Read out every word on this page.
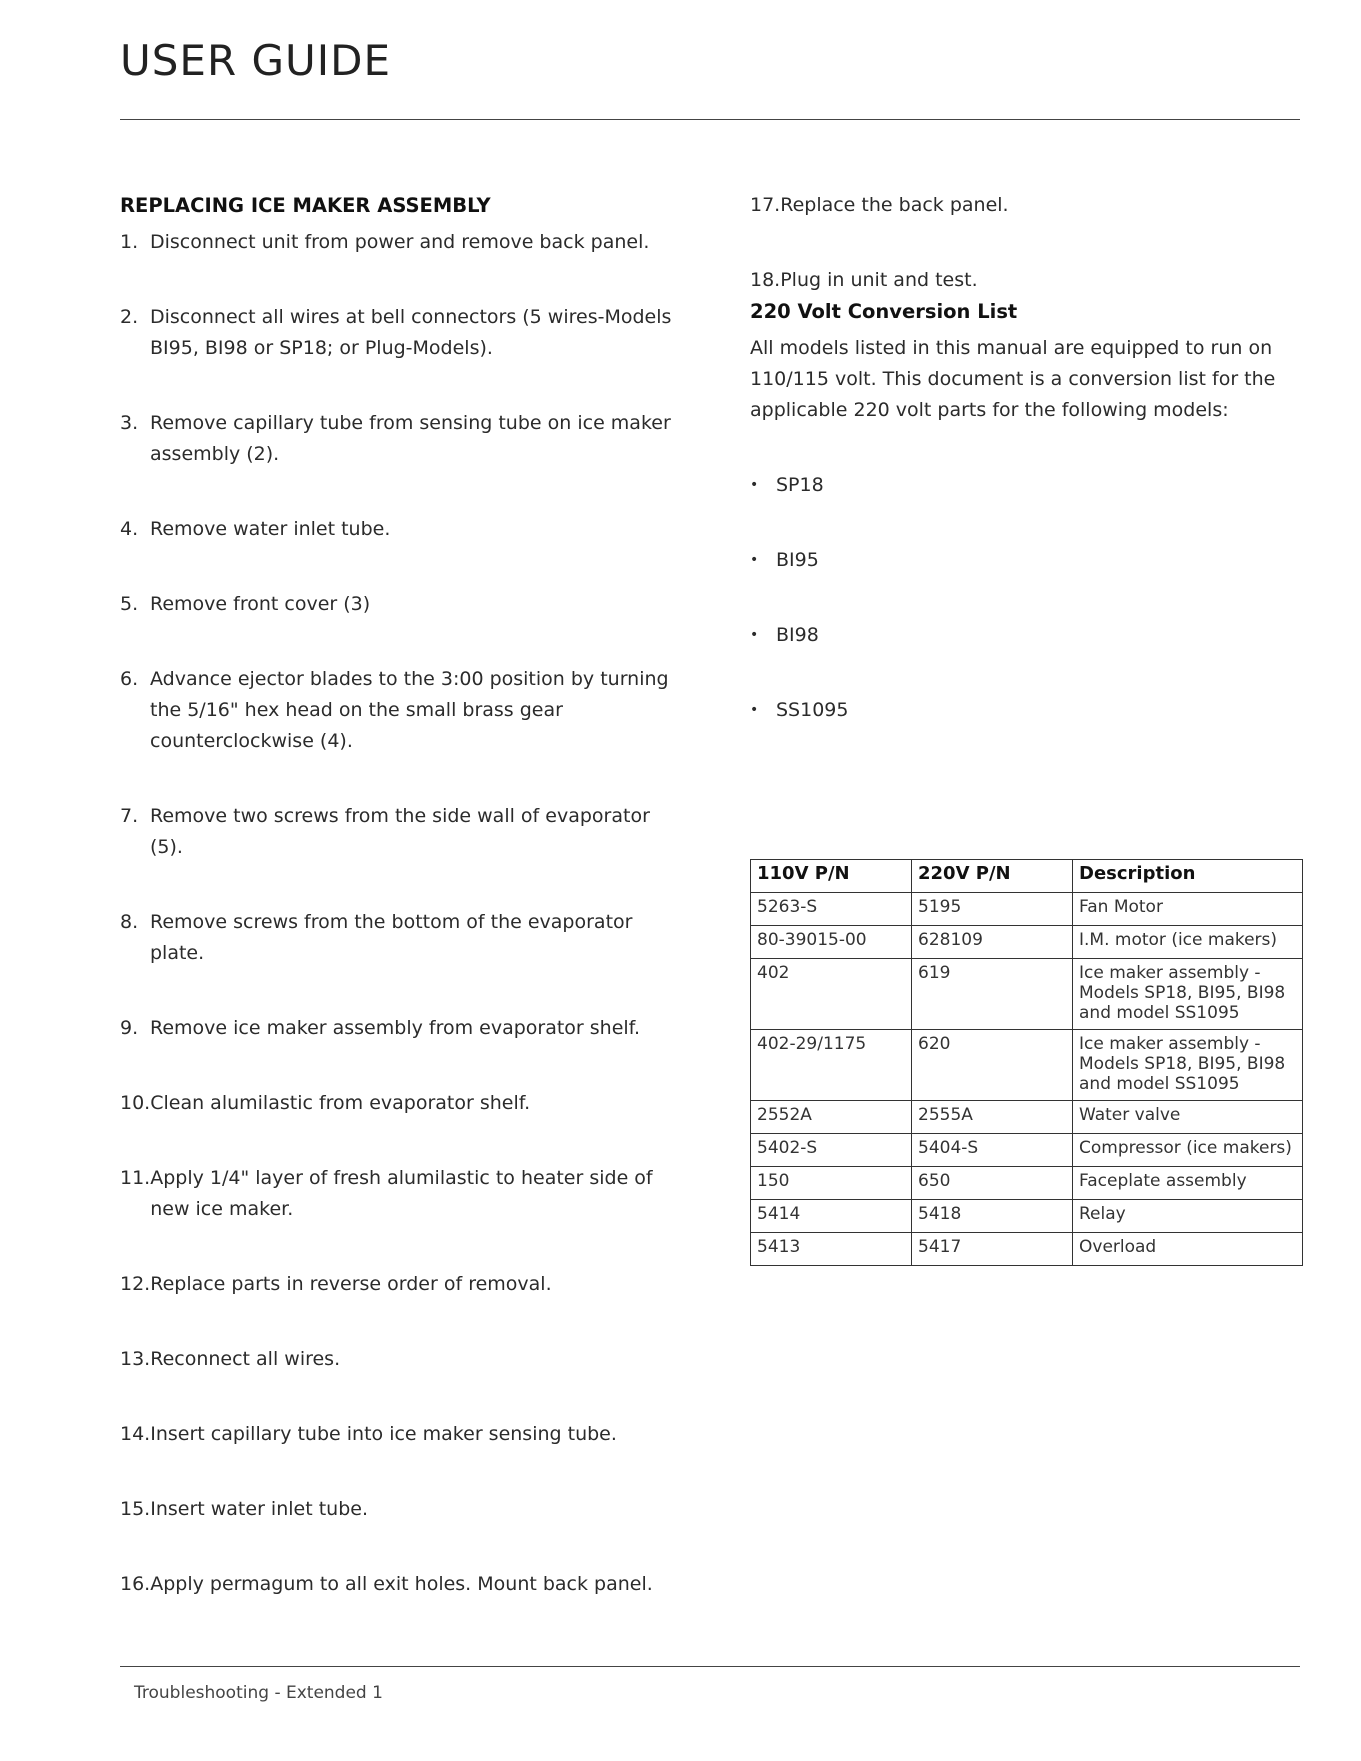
USER GUIDE
REPLACING ICE MAKER ASSEMBLY
1. Disconnect unit from power and remove back panel.
2. Disconnect all wires at bell connectors (5 wires-Models BI95, BI98 or SP18; or Plug-Models).
3. Remove capillary tube from sensing tube on ice maker assembly (2).
4. Remove water inlet tube.
5. Remove front cover (3)
6. Advance ejector blades to the 3:00 position by turning the 5/16" hex head on the small brass gear counterclockwise (4).
7. Remove two screws from the side wall of evaporator (5).
8. Remove screws from the bottom of the evaporator plate.
9. Remove ice maker assembly from evaporator shelf.
10. Clean alumilastic from evaporator shelf.
11. Apply 1/4" layer of fresh alumilastic to heater side of new ice maker.
12. Replace parts in reverse order of removal.
13. Reconnect all wires.
14. Insert capillary tube into ice maker sensing tube.
15. Insert water inlet tube.
16. Apply permagum to all exit holes. Mount back panel.
17. Replace the back panel.
18. Plug in unit and test.
220 Volt Conversion List
All models listed in this manual are equipped to run on 110/115 volt. This document is a conversion list for the applicable 220 volt parts for the following models:
• SP18
• BI95
• BI98
• SS1095
110V P/N	220V P/N	Description
5263-S	5195	Fan Motor
80-39015-00	628109	I.M. motor (ice makers)
402	619	Ice maker assembly - Models SP18, BI95, BI98 and model SS1095
402-29/1175	620	Ice maker assembly - Models SP18, BI95, BI98 and model SS1095
2552A	2555A	Water valve
5402-S	5404-S	Compressor (ice makers)
150	650	Faceplate assembly
5414	5418	Relay
5413	5417	Overload
Troubleshooting - Extended 1
